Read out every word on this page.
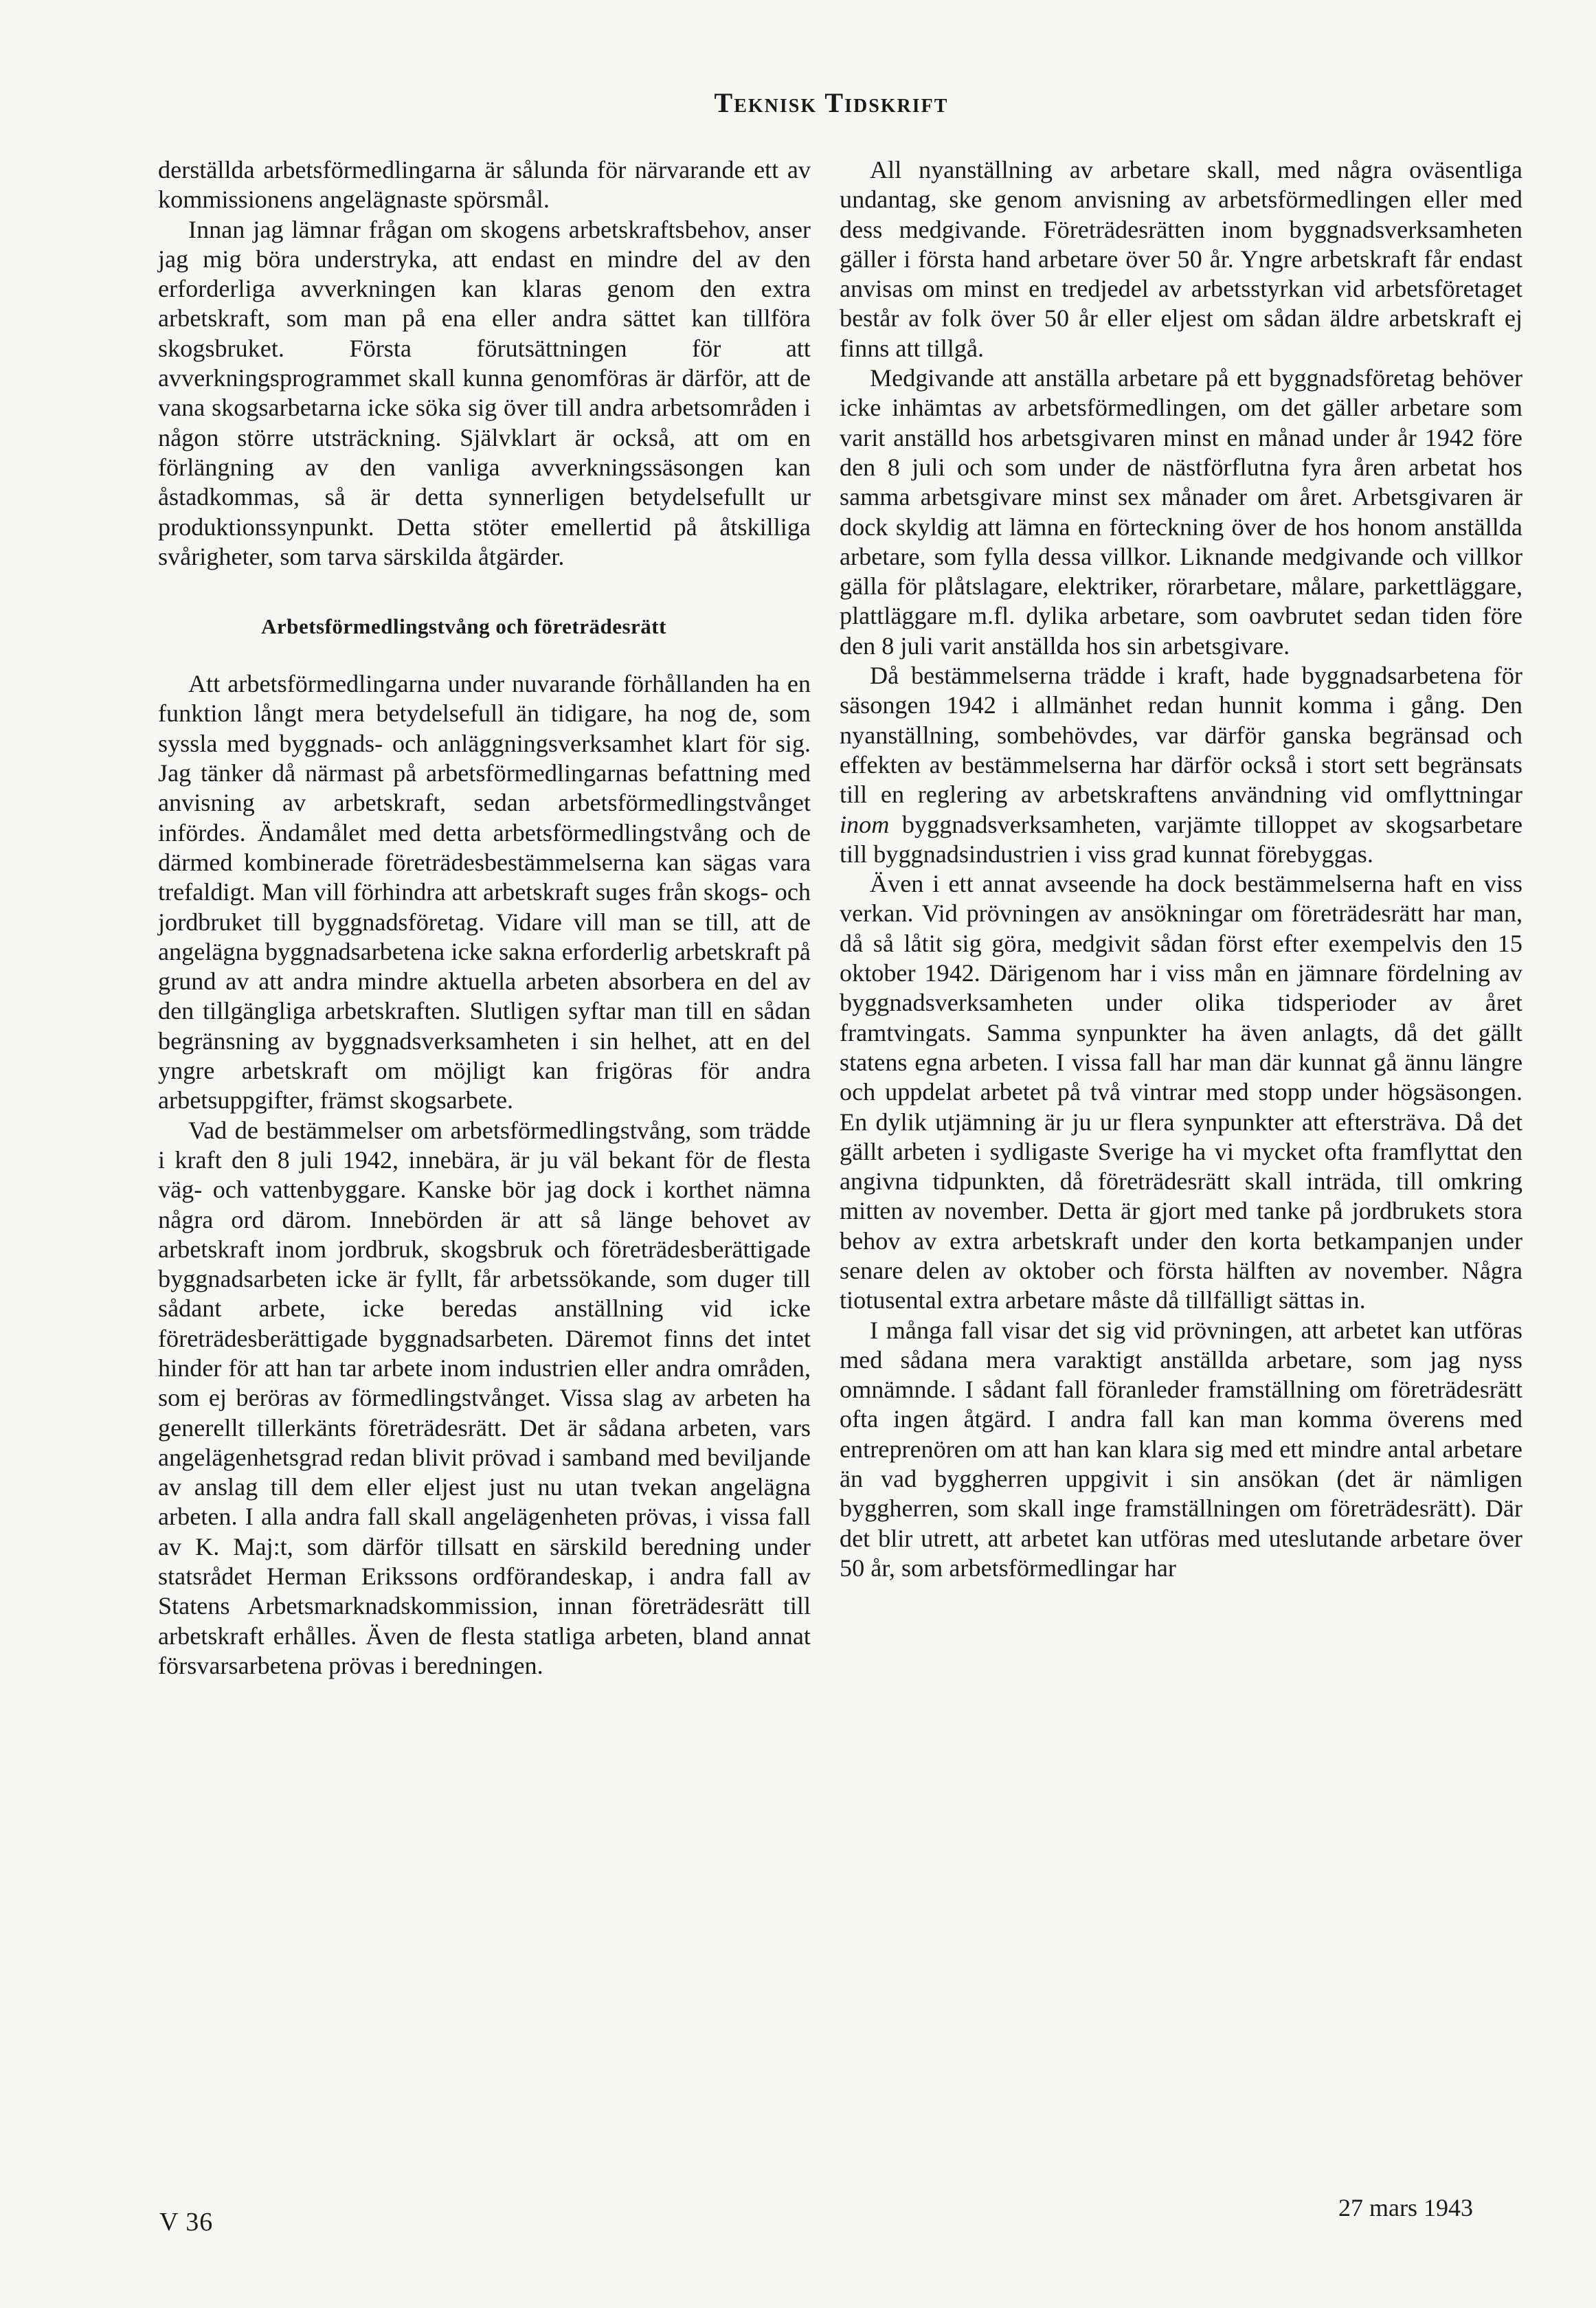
Teknisk Tidskrift

derställda arbetsförmedlingarna är sålunda för närvarande ett av kommissionens angelägnaste spörsmål.

Innan jag lämnar frågan om skogens arbetskraftsbehov, anser jag mig böra understryka, att endast en mindre del av den erforderliga avverkningen kan klaras genom den extra arbetskraft, som man på ena eller andra sättet kan tillföra skogsbruket. Första förutsättningen för att avverkningsprogrammet skall kunna genomföras är därför, att de vana skogsarbetarna icke söka sig över till andra arbetsområden i någon större utsträckning. Självklart är också, att om en förlängning av den vanliga avverkningssäsongen kan åstadkommas, så är detta synnerligen betydelsefullt ur produktionssynpunkt. Detta stöter emellertid på åtskilliga svårigheter, som tarva särskilda åtgärder.

Arbetsförmedlingstvång och företrädesrätt

Att arbetsförmedlingarna under nuvarande förhållanden ha en funktion långt mera betydelsefull än tidigare, ha nog de, som syssla med byggnads- och anläggningsverksamhet klart för sig. Jag tänker då närmast på arbetsförmedlingarnas befattning med anvisning av arbetskraft, sedan arbetsförmedlingstvånget infördes. Ändamålet med detta arbetsförmedlingstvång och de därmed kombinerade företrädesbestämmelserna kan sägas vara trefaldigt. Man vill förhindra att arbetskraft suges från skogs- och jordbruket till byggnadsföretag. Vidare vill man se till, att de angelägna byggnadsarbetena icke sakna erforderlig arbetskraft på grund av att andra mindre aktuella arbeten absorbera en del av den tillgängliga arbetskraften. Slutligen syftar man till en sådan begränsning av byggnadsverksamheten i sin helhet, att en del yngre arbetskraft om möjligt kan frigöras för andra arbetsuppgifter, främst skogsarbete.

Vad de bestämmelser om arbetsförmedlingstvång, som trädde i kraft den 8 juli 1942, innebära, är ju väl bekant för de flesta väg- och vattenbyggare. Kanske bör jag dock i korthet nämna några ord därom. Innebörden är att så länge behovet av arbetskraft inom jordbruk, skogsbruk och företrädesberättigade byggnadsarbeten icke är fyllt, får arbetssökande, som duger till sådant arbete, icke beredas anställning vid icke företrädesberättigade byggnadsarbeten. Däremot finns det intet hinder för att han tar arbete inom industrien eller andra områden, som ej beröras av förmedlingstvånget. Vissa slag av arbeten ha generellt tillerkänts företrädesrätt. Det är sådana arbeten, vars angelägenhetsgrad redan blivit prövad i samband med beviljande av anslag till dem eller eljest just nu utan tvekan angelägna arbeten. I alla andra fall skall angelägenheten prövas, i vissa fall av K. Maj:t, som därför tillsatt en särskild beredning under statsrådet Herman Erikssons ordförandeskap, i andra fall av Statens Arbetsmarknadskommission, innan företrädesrätt till arbetskraft erhålles. Även de flesta statliga arbeten, bland annat försvarsarbetena prövas i beredningen.

All nyanställning av arbetare skall, med några oväsentliga undantag, ske genom anvisning av arbetsförmedlingen eller med dess medgivande. Företrädesrätten inom byggnadsverksamheten gäller i första hand arbetare över 50 år. Yngre arbetskraft får endast anvisas om minst en tredjedel av arbetsstyrkan vid arbetsföretaget består av folk över 50 år eller eljest om sådan äldre arbetskraft ej finns att tillgå.

Medgivande att anställa arbetare på ett byggnadsföretag behöver icke inhämtas av arbetsförmedlingen, om det gäller arbetare som varit anställd hos arbetsgivaren minst en månad under år 1942 före den 8 juli och som under de nästförflutna fyra åren arbetat hos samma arbetsgivare minst sex månader om året. Arbetsgivaren är dock skyldig att lämna en förteckning över de hos honom anställda arbetare, som fylla dessa villkor. Liknande medgivande och villkor gälla för plåtslagare, elektriker, rörarbetare, målare, parkettläggare, plattläggare m.fl. dylika arbetare, som oavbrutet sedan tiden före den 8 juli varit anställda hos sin arbetsgivare.

Då bestämmelserna trädde i kraft, hade byggnadsarbetena för säsongen 1942 i allmänhet redan hunnit komma i gång. Den nyanställning, sombehövdes, var därför ganska begränsad och effekten av bestämmelserna har därför också i stort sett begränsats till en reglering av arbetskraftens användning vid omflyttningar inom byggnadsverksamheten, varjämte tilloppet av skogsarbetare till byggnadsindustrien i viss grad kunnat förebyggas.

Även i ett annat avseende ha dock bestämmelserna haft en viss verkan. Vid prövningen av ansökningar om företrädesrätt har man, då så låtit sig göra, medgivit sådan först efter exempelvis den 15 oktober 1942. Därigenom har i viss mån en jämnare fördelning av byggnadsverksamheten under olika tidsperioder av året framtvingats. Samma synpunkter ha även anlagts, då det gällt statens egna arbeten. I vissa fall har man där kunnat gå ännu längre och uppdelat arbetet på två vintrar med stopp under högsäsongen. En dylik utjämning är ju ur flera synpunkter att eftersträva. Då det gällt arbeten i sydligaste Sverige ha vi mycket ofta framflyttat den angivna tidpunkten, då företrädesrätt skall inträda, till omkring mitten av november. Detta är gjort med tanke på jordbrukets stora behov av extra arbetskraft under den korta betkampanjen under senare delen av oktober och första hälften av november. Några tiotusental extra arbetare måste då tillfälligt sättas in.

I många fall visar det sig vid prövningen, att arbetet kan utföras med sådana mera varaktigt anställda arbetare, som jag nyss omnämnde. I sådant fall föranleder framställning om företrädesrätt ofta ingen åtgärd. I andra fall kan man komma överens med entreprenören om att han kan klara sig med ett mindre antal arbetare än vad byggherren uppgivit i sin ansökan (det är nämligen byggherren, som skall inge framställningen om företrädesrätt). Där det blir utrett, att arbetet kan utföras med uteslutande arbetare över 50 år, som arbetsförmedlingar har

V 36	27 mars 1943
